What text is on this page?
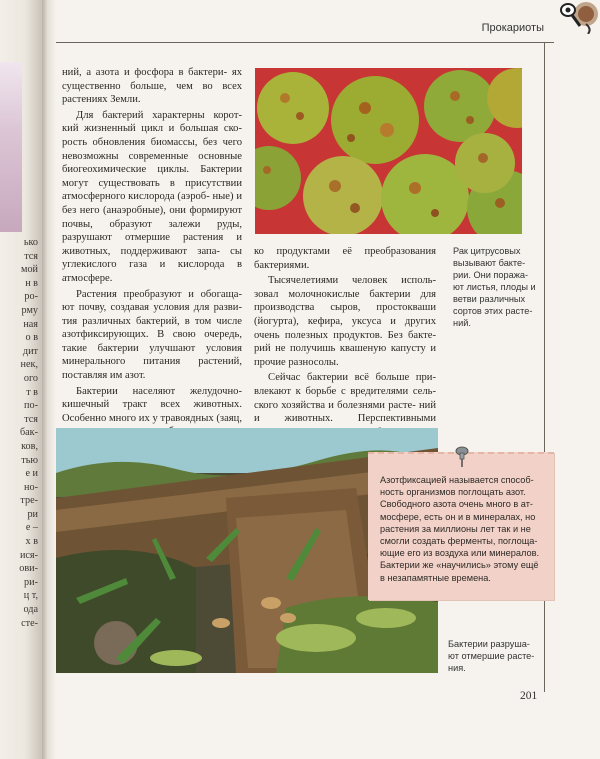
ько
тся
мой
н в
ро-
рму
ная
о в
дит
нек,
ого
т в
по-
тся
бак-
ков,
тью
е и
но-
тре-
ри
е –
х в
ися-
ови-
ри-
ц т,
ода
сте-
Прокариоты

ний, а азота и фосфора в бактери- ях существенно больше, чем во всех растениях Земли.

Для бактерий характерны корот- кий жизненный цикл и большая ско- рость обновления биомассы, без чего невозможны современные основные биогеохимические циклы. Бактерии могут существовать в присутствии атмосферного кислорода (аэроб- ные) и без него (анаэробные), они формируют почвы, образуют залежи руды, разрушают отмершие растения и животных, поддерживают запа- сы углекислого газа и кислорода в атмосфере.

Растения преобразуют и обогаща- ют почву, создавая условия для разви- тия различных бактерий, в том числе азотфиксирующих. В свою очередь, такие бактерии улучшают условия минерального питания растений, поставляя им азот.

Бактерии населяют желудочно- кишечный тракт всех животных. Особенно много их у травоядных (заяц,

ко продуктами её преобразования бактериями.

Тысячелетиями человек исполь- зовал молочнокислые бактерии для производства сыров, простокваши (йогурта), кефира, уксуса и других очень полезных продуктов. Без бакте- рий не получишь квашеную капусту и прочие разносолы.

Сейчас бактерии всё больше при- влекают к борьбе с вредителями сель- ского хозяйства и болезнями расте- ний и животных. Перспективными

Рак цитрусовых вызывают бакте- рии. Они поража- ют листья, плоды и ветви различных сортов этих расте- ний.
Азотфиксацией называется способ- ность организмов поглощать азот. Свободного азота очень много в ат- мосфере, есть он и в минералах, но растения за миллионы лет так и не смогли создать ферменты, поглоща- ющие его из воздуха или минералов. Бактерии же «научились» этому ещё в незапамятные времена.
Бактерии разруша- ют отмершие расте- ния.
201
